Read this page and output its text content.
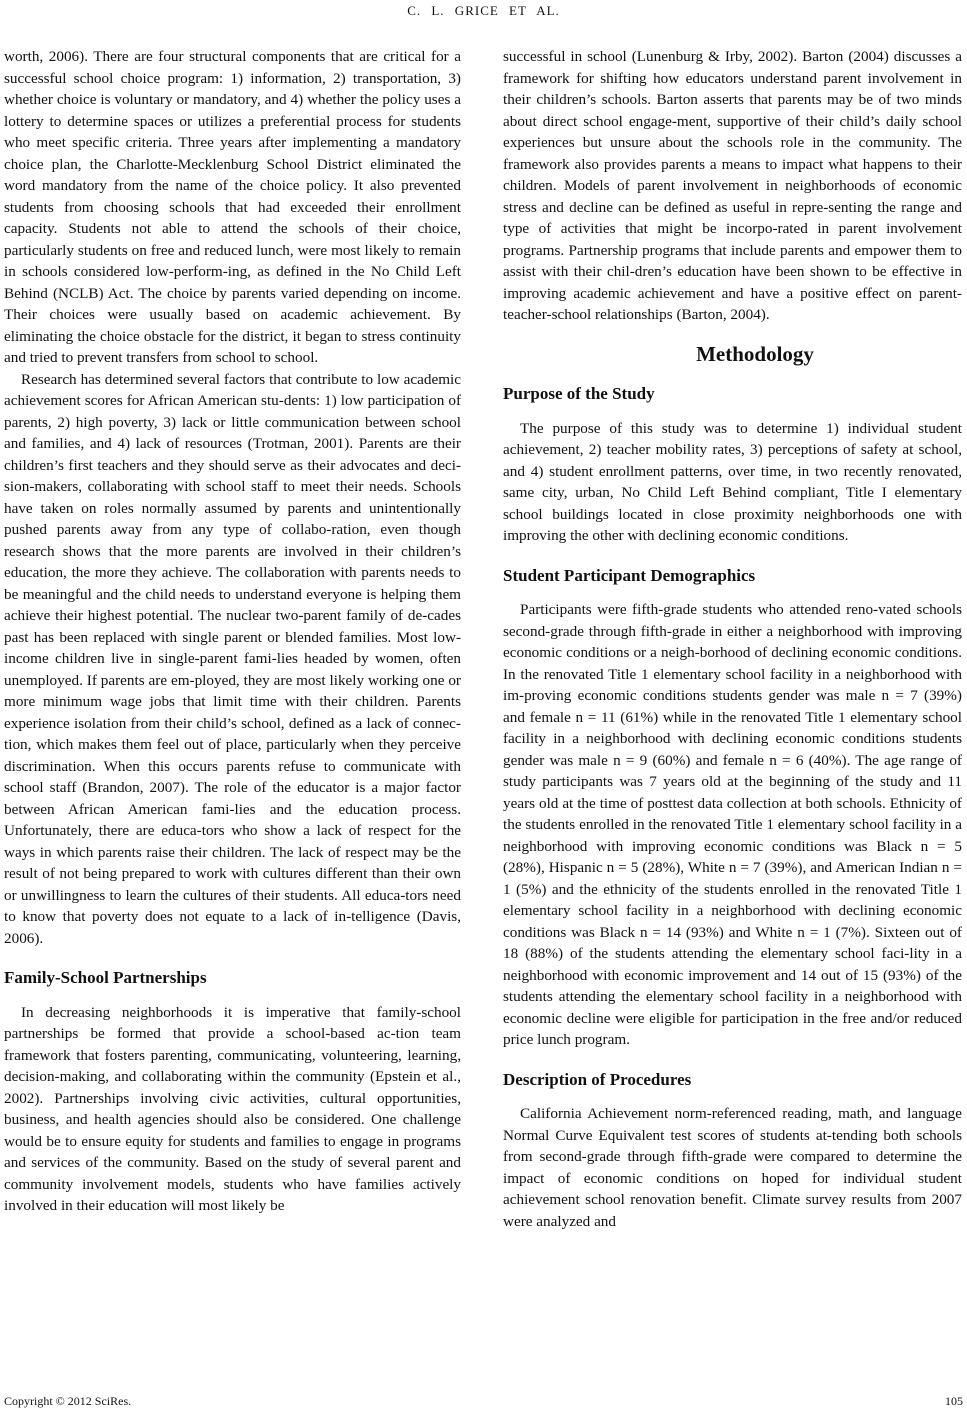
C. L. GRICE ET AL.

worth, 2006). There are four structural components that are critical for a successful school choice program: 1) information, 2) transportation, 3) whether choice is voluntary or mandatory, and 4) whether the policy uses a lottery to determine spaces or utilizes a preferential process for students who meet specific criteria. Three years after implementing a mandatory choice plan, the Charlotte-Mecklenburg School District eliminated the word mandatory from the name of the choice policy. It also prevented students from choosing schools that had exceeded their enrollment capacity. Students not able to attend the schools of their choice, particularly students on free and reduced lunch, were most likely to remain in schools considered low-perform-ing, as defined in the No Child Left Behind (NCLB) Act. The choice by parents varied depending on income. Their choices were usually based on academic achievement. By eliminating the choice obstacle for the district, it began to stress continuity and tried to prevent transfers from school to school.

Research has determined several factors that contribute to low academic achievement scores for African American stu-dents: 1) low participation of parents, 2) high poverty, 3) lack or little communication between school and families, and 4) lack of resources (Trotman, 2001). Parents are their children’s first teachers and they should serve as their advocates and deci-sion-makers, collaborating with school staff to meet their needs. Schools have taken on roles normally assumed by parents and unintentionally pushed parents away from any type of collabo-ration, even though research shows that the more parents are involved in their children’s education, the more they achieve. The collaboration with parents needs to be meaningful and the child needs to understand everyone is helping them achieve their highest potential. The nuclear two-parent family of de-cades past has been replaced with single parent or blended families. Most low-income children live in single-parent fami-lies headed by women, often unemployed. If parents are em-ployed, they are most likely working one or more minimum wage jobs that limit time with their children. Parents experience isolation from their child’s school, defined as a lack of connec-tion, which makes them feel out of place, particularly when they perceive discrimination. When this occurs parents refuse to communicate with school staff (Brandon, 2007). The role of the educator is a major factor between African American fami-lies and the education process. Unfortunately, there are educa-tors who show a lack of respect for the ways in which parents raise their children. The lack of respect may be the result of not being prepared to work with cultures different than their own or unwillingness to learn the cultures of their students. All educa-tors need to know that poverty does not equate to a lack of in-telligence (Davis, 2006).

Family-School Partnerships

In decreasing neighborhoods it is imperative that family-school partnerships be formed that provide a school-based ac-tion team framework that fosters parenting, communicating, volunteering, learning, decision-making, and collaborating within the community (Epstein et al., 2002). Partnerships involving civic activities, cultural opportunities, business, and health agencies should also be considered. One challenge would be to ensure equity for students and families to engage in programs and services of the community. Based on the study of several parent and community involvement models, students who have families actively involved in their education will most likely be

successful in school (Lunenburg & Irby, 2002). Barton (2004) discusses a framework for shifting how educators understand parent involvement in their children’s schools. Barton asserts that parents may be of two minds about direct school engage-ment, supportive of their child’s daily school experiences but unsure about the schools role in the community. The framework also provides parents a means to impact what happens to their children. Models of parent involvement in neighborhoods of economic stress and decline can be defined as useful in repre-senting the range and type of activities that might be incorpo-rated in parent involvement programs. Partnership programs that include parents and empower them to assist with their chil-dren’s education have been shown to be effective in improving academic achievement and have a positive effect on parent-teacher-school relationships (Barton, 2004).

Methodology
Purpose of the Study

The purpose of this study was to determine 1) individual student achievement, 2) teacher mobility rates, 3) perceptions of safety at school, and 4) student enrollment patterns, over time, in two recently renovated, same city, urban, No Child Left Behind compliant, Title I elementary school buildings located in close proximity neighborhoods one with improving the other with declining economic conditions.

Student Participant Demographics

Participants were fifth-grade students who attended reno-vated schools second-grade through fifth-grade in either a neighborhood with improving economic conditions or a neigh-borhood of declining economic conditions. In the renovated Title 1 elementary school facility in a neighborhood with im-proving economic conditions students gender was male n = 7 (39%) and female n = 11 (61%) while in the renovated Title 1 elementary school facility in a neighborhood with declining economic conditions students gender was male n = 9 (60%) and female n = 6 (40%). The age range of study participants was 7 years old at the beginning of the study and 11 years old at the time of posttest data collection at both schools. Ethnicity of the students enrolled in the renovated Title 1 elementary school facility in a neighborhood with improving economic conditions was Black n = 5 (28%), Hispanic n = 5 (28%), White n = 7 (39%), and American Indian n = 1 (5%) and the ethnicity of the students enrolled in the renovated Title 1 elementary school facility in a neighborhood with declining economic conditions was Black n = 14 (93%) and White n = 1 (7%). Sixteen out of 18 (88%) of the students attending the elementary school faci-lity in a neighborhood with economic improvement and 14 out of 15 (93%) of the students attending the elementary school facility in a neighborhood with economic decline were eligible for participation in the free and/or reduced price lunch program.

Description of Procedures

California Achievement norm-referenced reading, math, and language Normal Curve Equivalent test scores of students at-tending both schools from second-grade through fifth-grade were compared to determine the impact of economic conditions on hoped for individual student achievement school renovation benefit. Climate survey results from 2007 were analyzed and

Copyright © 2012 SciRes.	105
